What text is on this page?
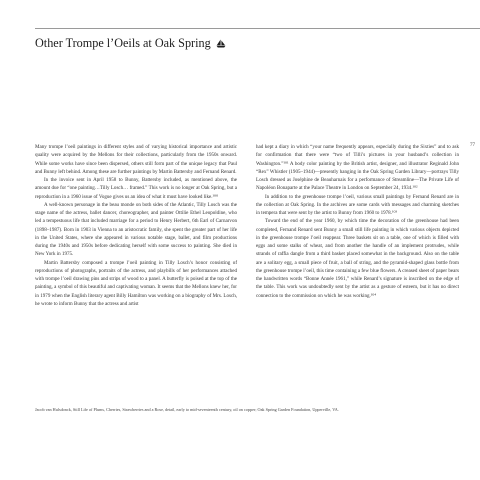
Other Trompe l’Oeils at Oak Spring

Many trompe l’oeil paintings in different styles and of varying historical importance and artistic quality were acquired by the Mellons for their collections, particularly from the 1950s onward. While some works have since been dispersed, others still form part of the unique legacy that Paul and Bunny left behind. Among these are further paintings by Martin Battersby and Fernand Renard.

In the invoice sent in April 1958 to Bunny, Battersby included, as mentioned above, the amount due for “one painting…Tilly Losch… framed.” This work is no longer at Oak Spring, but a reproduction in a 1960 issue of Vogue gives us an idea of what it must have looked like.¹⁰⁰

A well-known personage in the beau monde on both sides of the Atlantic, Tilly Losch was the stage name of the actress, ballet dancer, choreographer, and painter Ottilie Ethel Leopoldine, who led a tempestuous life that included marriage for a period to Henry Herbert, 6th Earl of Carnarvon (1898–1987). Born in 1903 in Vienna to an aristocratic family, she spent the greater part of her life in the United States, where she appeared in various notable stage, ballet, and film productions during the 1940s and 1950s before dedicating herself with some success to painting. She died in New York in 1975.

Martin Battersby composed a trompe l’oeil painting in Tilly Losch’s honor consisting of reproductions of photographs, portraits of the actress, and playbills of her performances attached with trompe l’oeil drawing pins and strips of wood to a panel. A butterfly is poised at the top of the painting, a symbol of this beautiful and captivating woman. It seems that the Mellons knew her, for in 1979 when the English literary agent Billy Hamilton was working on a biography of Mrs. Losch, he wrote to inform Bunny that the actress and artist

had kept a diary in which “your name frequently appears, especially during the Sixties” and to ask for confirmation that there were “two of Tilli’s pictures in your husband’s collection in Washington.”¹⁰¹ A body color painting by the British artist, designer, and illustrator Reginald John “Rex” Whistler (1905–1944)—presently hanging in the Oak Spring Garden Library—portrays Tilly Losch dressed as Joséphine de Beauharnais for a performance of Streamline—The Private Life of Napoléon Bonaparte at the Palace Theatre in London on September 24, 1934.¹⁰²

In addition to the greenhouse trompe l’oeil, various small paintings by Fernand Renard are in the collection at Oak Spring. In the archives are some cards with messages and charming sketches in tempera that were sent by the artist to Bunny from 1960 to 1978.¹⁰³

Toward the end of the year 1960, by which time the decoration of the greenhouse had been completed, Fernand Renard sent Bunny a small still life painting in which various objects depicted in the greenhouse trompe l’oeil reappear. Three baskets sit on a table, one of which is filled with eggs and some stalks of wheat, and from another the handle of an implement protrudes, while strands of raffia dangle from a third basket placed somewhat in the background. Also on the table are a solitary egg, a small piece of fruit, a ball of string, and the pyramid-shaped glass bottle from the greenhouse trompe l’oeil, this time containing a few blue flowers. A creased sheet of paper bears the handwritten words “Bonne Année 1961,” while Renard’s signature is inscribed on the edge of the table. This work was undoubtedly sent by the artist as a gesture of esteem, but it has no direct connection to the commission on which he was working.¹⁰⁴

77
Jacob van Hulsdonck, Still Life of Plums, Cherries, Strawberries and a Rose, detail, early to mid-seventeenth century, oil on copper; Oak Spring Garden Foundation, Upperville, VA.
